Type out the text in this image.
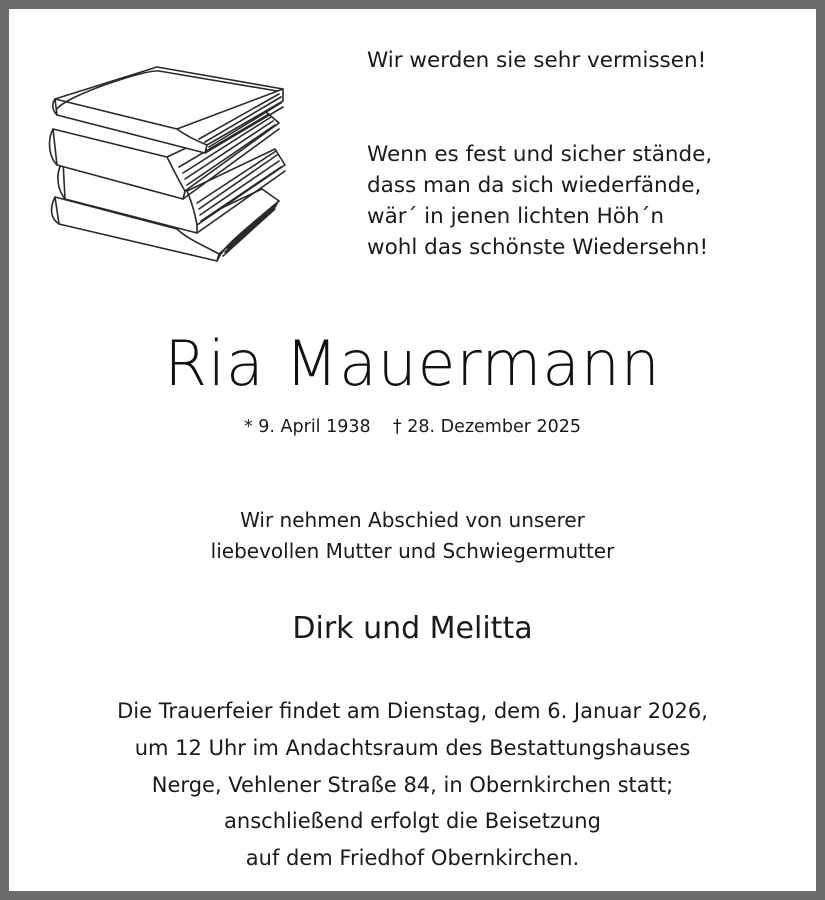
Wir werden sie sehr vermissen!
Wenn es fest und sicher stände,
dass man da sich wiederfände,
wär´ in jenen lichten Höh´n
wohl das schönste Wiedersehn!
Ria Mauermann
* 9. April 1938    † 28. Dezember 2025
Wir nehmen Abschied von unserer
liebevollen Mutter und Schwiegermutter
Dirk und Melitta
Die Trauerfeier findet am Dienstag, dem 6. Januar 2026,
um 12 Uhr im Andachtsraum des Bestattungshauses
Nerge, Vehlener Straße 84, in Obernkirchen statt;
anschließend erfolgt die Beisetzung
auf dem Friedhof Obernkirchen.
